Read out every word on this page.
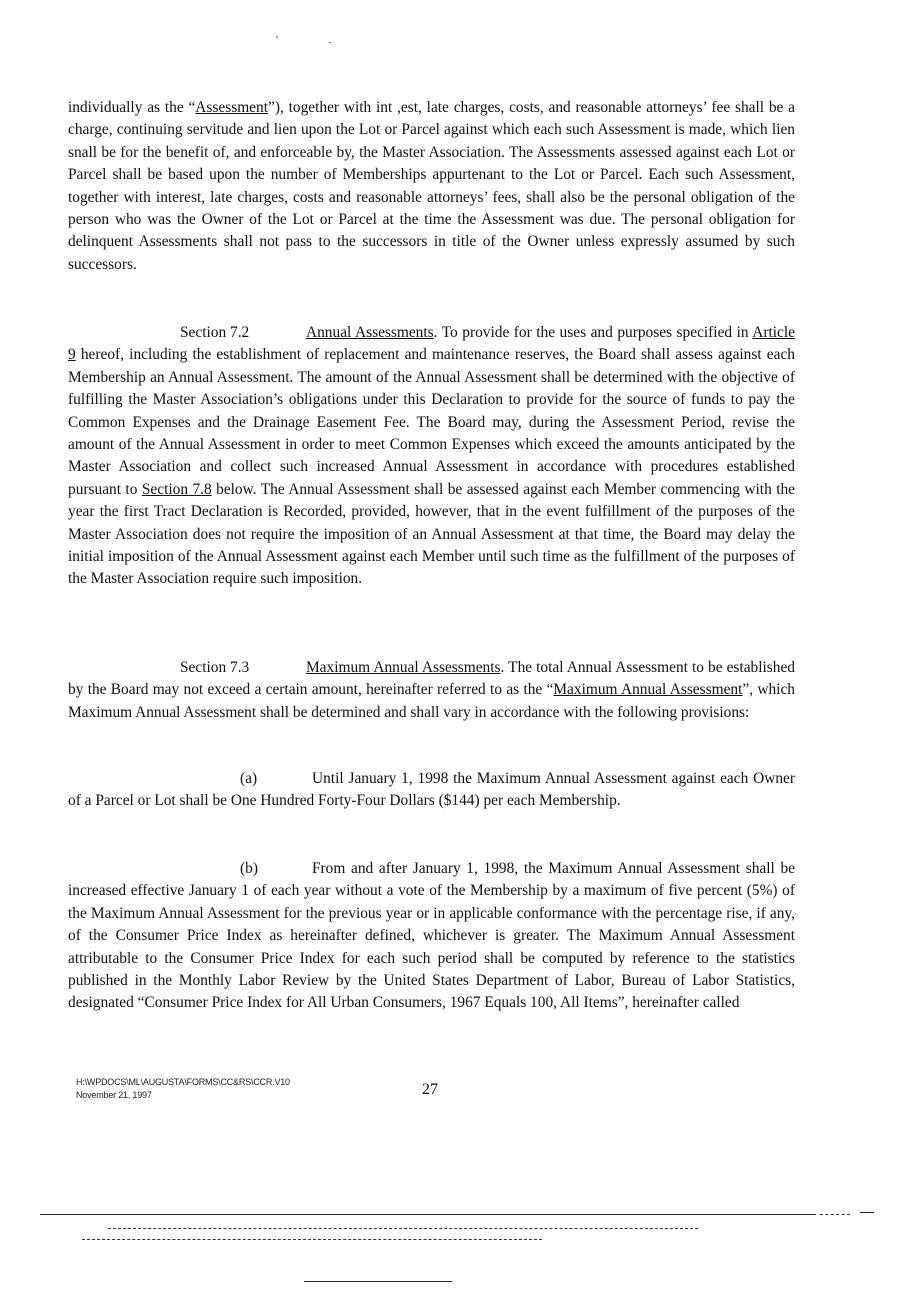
' .

individually as the “Assessment”), together with int ,est, late charges, costs, and reasonable attorneys’ fee shall be a charge, continuing servitude and lien upon the Lot or Parcel against which each such Assessment is made, which lien snall be for the benefit of, and enforceable by, the Master Association. The Assessments assessed against each Lot or Parcel shall be based upon the number of Memberships appurtenant to the Lot or Parcel. Each such Assessment, together with interest, late charges, costs and reasonable attorneys’ fees, shall also be the personal obligation of the person who was the Owner of the Lot or Parcel at the time the Assessment was due. The personal obligation for delinquent Assessments shall not pass to the successors in title of the Owner unless expressly assumed by such successors.

Section 7.2	Annual Assessments. To provide for the uses and purposes specified in Article 9 hereof, including the establishment of replacement and maintenance reserves, the Board shall assess against each Membership an Annual Assessment. The amount of the Annual Assessment shall be determined with the objective of fulfilling the Master Association’s obligations under this Declaration to provide for the source of funds to pay the Common Expenses and the Drainage Easement Fee. The Board may, during the Assessment Period, revise the amount of the Annual Assessment in order to meet Common Expenses which exceed the amounts anticipated by the Master Association and collect such increased Annual Assessment in accordance with procedures established pursuant to Section 7.8 below. The Annual Assessment shall be assessed against each Member commencing with the year the first Tract Declaration is Recorded, provided, however, that in the event fulfillment of the purposes of the Master Association does not require the imposition of an Annual Assessment at that time, the Board may delay the initial imposition of the Annual Assessment against each Member until such time as the fulfillment of the purposes of the Master Association require such imposition.

Section 7.3	Maximum Annual Assessments. The total Annual Assessment to be established by the Board may not exceed a certain amount, hereinafter referred to as the “Maximum Annual Assessment”, which Maximum Annual Assessment shall be determined and shall vary in accordance with the following provisions:

(a)	Until January 1, 1998 the Maximum Annual Assessment against each Owner of a Parcel or Lot shall be One Hundred Forty-Four Dollars ($144) per each Membership.

(b)	From and after January 1, 1998, the Maximum Annual Assessment shall be increased effective January 1 of each year without a vote of the Membership by a maximum of five percent (5%) of the Maximum Annual Assessment for the previous year or in applicable conformance with the percentage rise, if any, of the Consumer Price Index as hereinafter defined, whichever is greater. The Maximum Annual Assessment attributable to the Consumer Price Index for each such period shall be computed by reference to the statistics published in the Monthly Labor Review by the United States Department of Labor, Bureau of Labor Statistics, designated “Consumer Price Index for All Urban Consumers, 1967 Equals 100, All Items”, hereinafter called

H:\WPDOCS\ML\AUGUSTA\FORMS\CC&RS\CCR.V10
November 21, 1997	27
